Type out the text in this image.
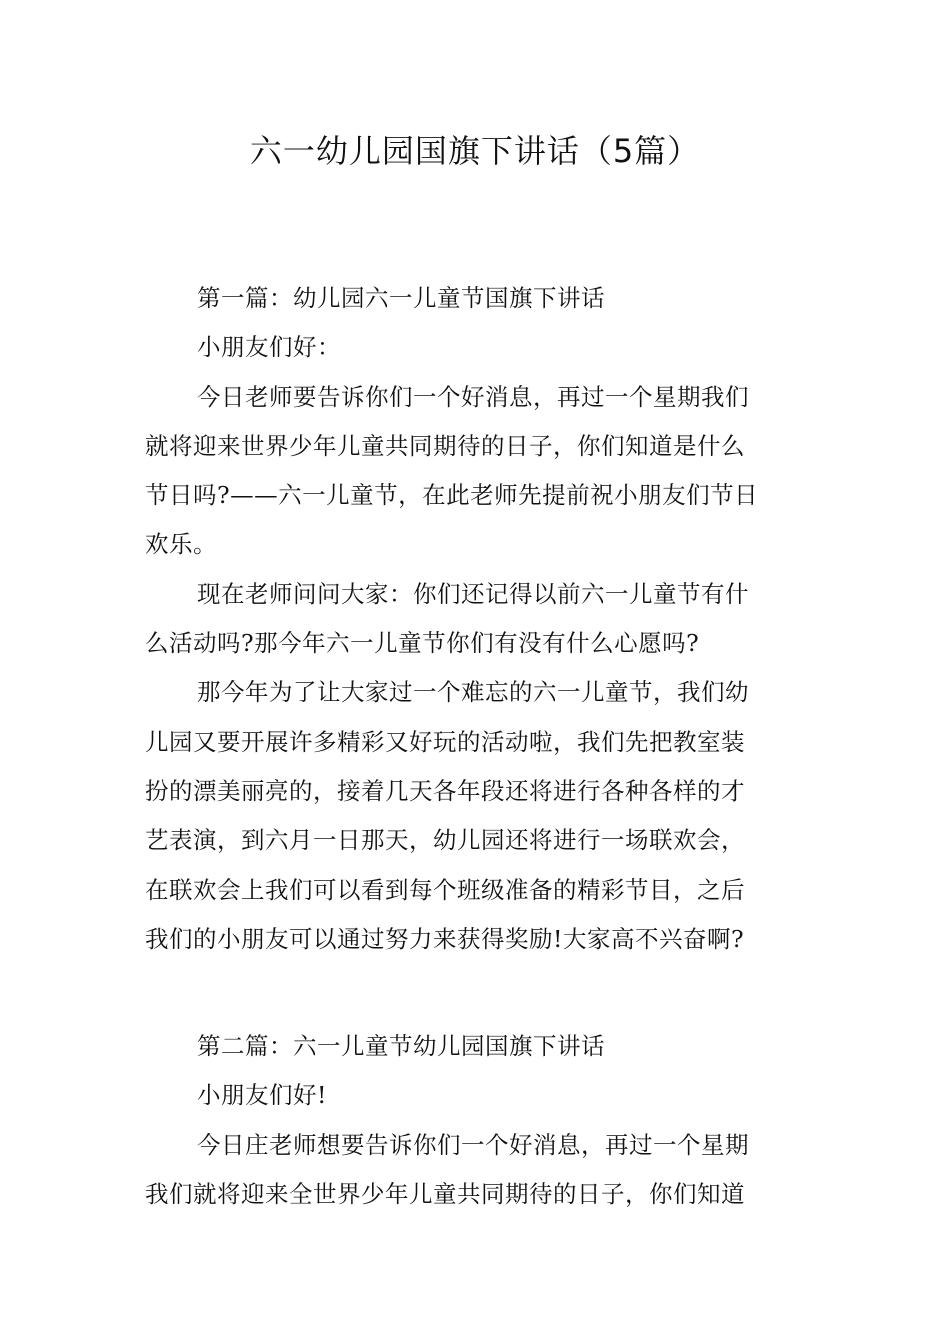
六一幼儿园国旗下讲话（5篇）
第一篇：幼儿园六一儿童节国旗下讲话
小朋友们好：
今日老师要告诉你们一个好消息，再过一个星期我们
就将迎来世界少年儿童共同期待的日子，你们知道是什么
节日吗?——六一儿童节，在此老师先提前祝小朋友们节日
欢乐。
现在老师问问大家：你们还记得以前六一儿童节有什
么活动吗?那今年六一儿童节你们有没有什么心愿吗?
那今年为了让大家过一个难忘的六一儿童节，我们幼
儿园又要开展许多精彩又好玩的活动啦，我们先把教室装
扮的漂美丽亮的，接着几天各年段还将进行各种各样的才
艺表演，到六月一日那天，幼儿园还将进行一场联欢会，
在联欢会上我们可以看到每个班级准备的精彩节目，之后
我们的小朋友可以通过努力来获得奖励!大家高不兴奋啊?
第二篇：六一儿童节幼儿园国旗下讲话
小朋友们好!
今日庄老师想要告诉你们一个好消息，再过一个星期
我们就将迎来全世界少年儿童共同期待的日子，你们知道
